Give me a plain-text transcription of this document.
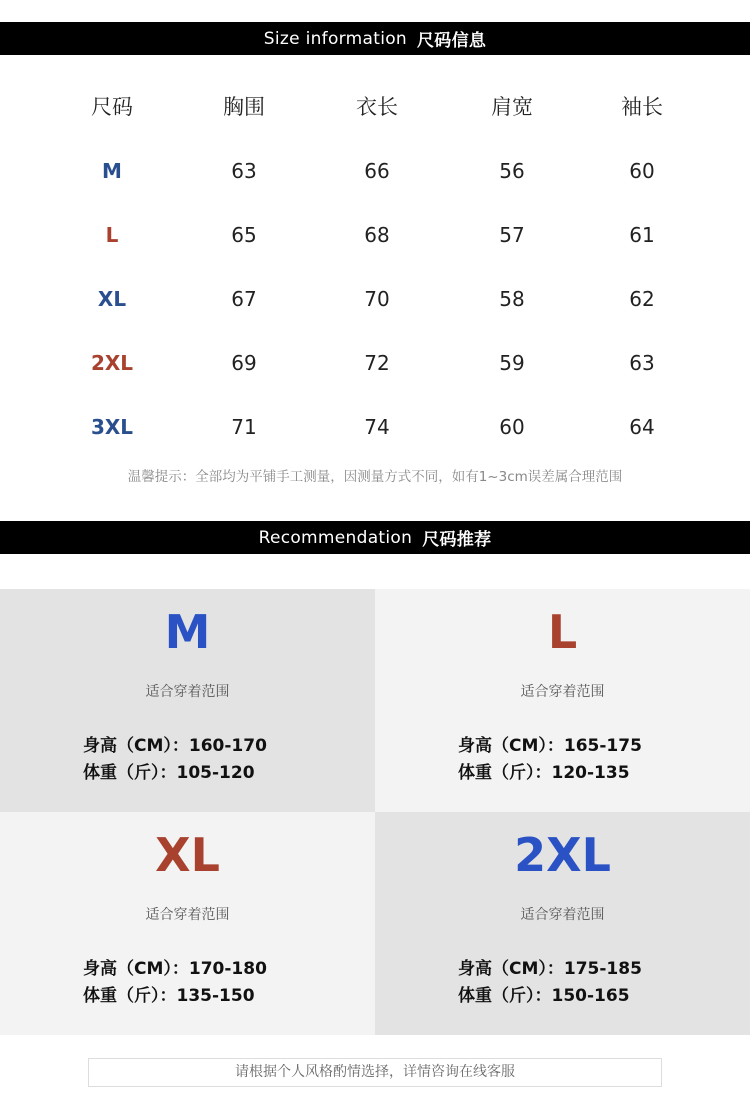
Size information 尺码信息
尺码	胸围	衣长	肩宽	袖长
M	63	66	56	60
L	65	68	57	61
XL	67	70	58	62
2XL	69	72	59	63
3XL	71	74	60	64
温馨提示：全部均为平铺手工测量，因测量方式不同，如有1~3cm误差属合理范围
Recommendation 尺码推荐
M
适合穿着范围
身高（CM）：160-170
体重（斤）：105-120
L
适合穿着范围
身高（CM）：165-175
体重（斤）：120-135
XL
适合穿着范围
身高（CM）：170-180
体重（斤）：135-150
2XL
适合穿着范围
身高（CM）：175-185
体重（斤）：150-165
请根据个人风格酌情选择，详情咨询在线客服
